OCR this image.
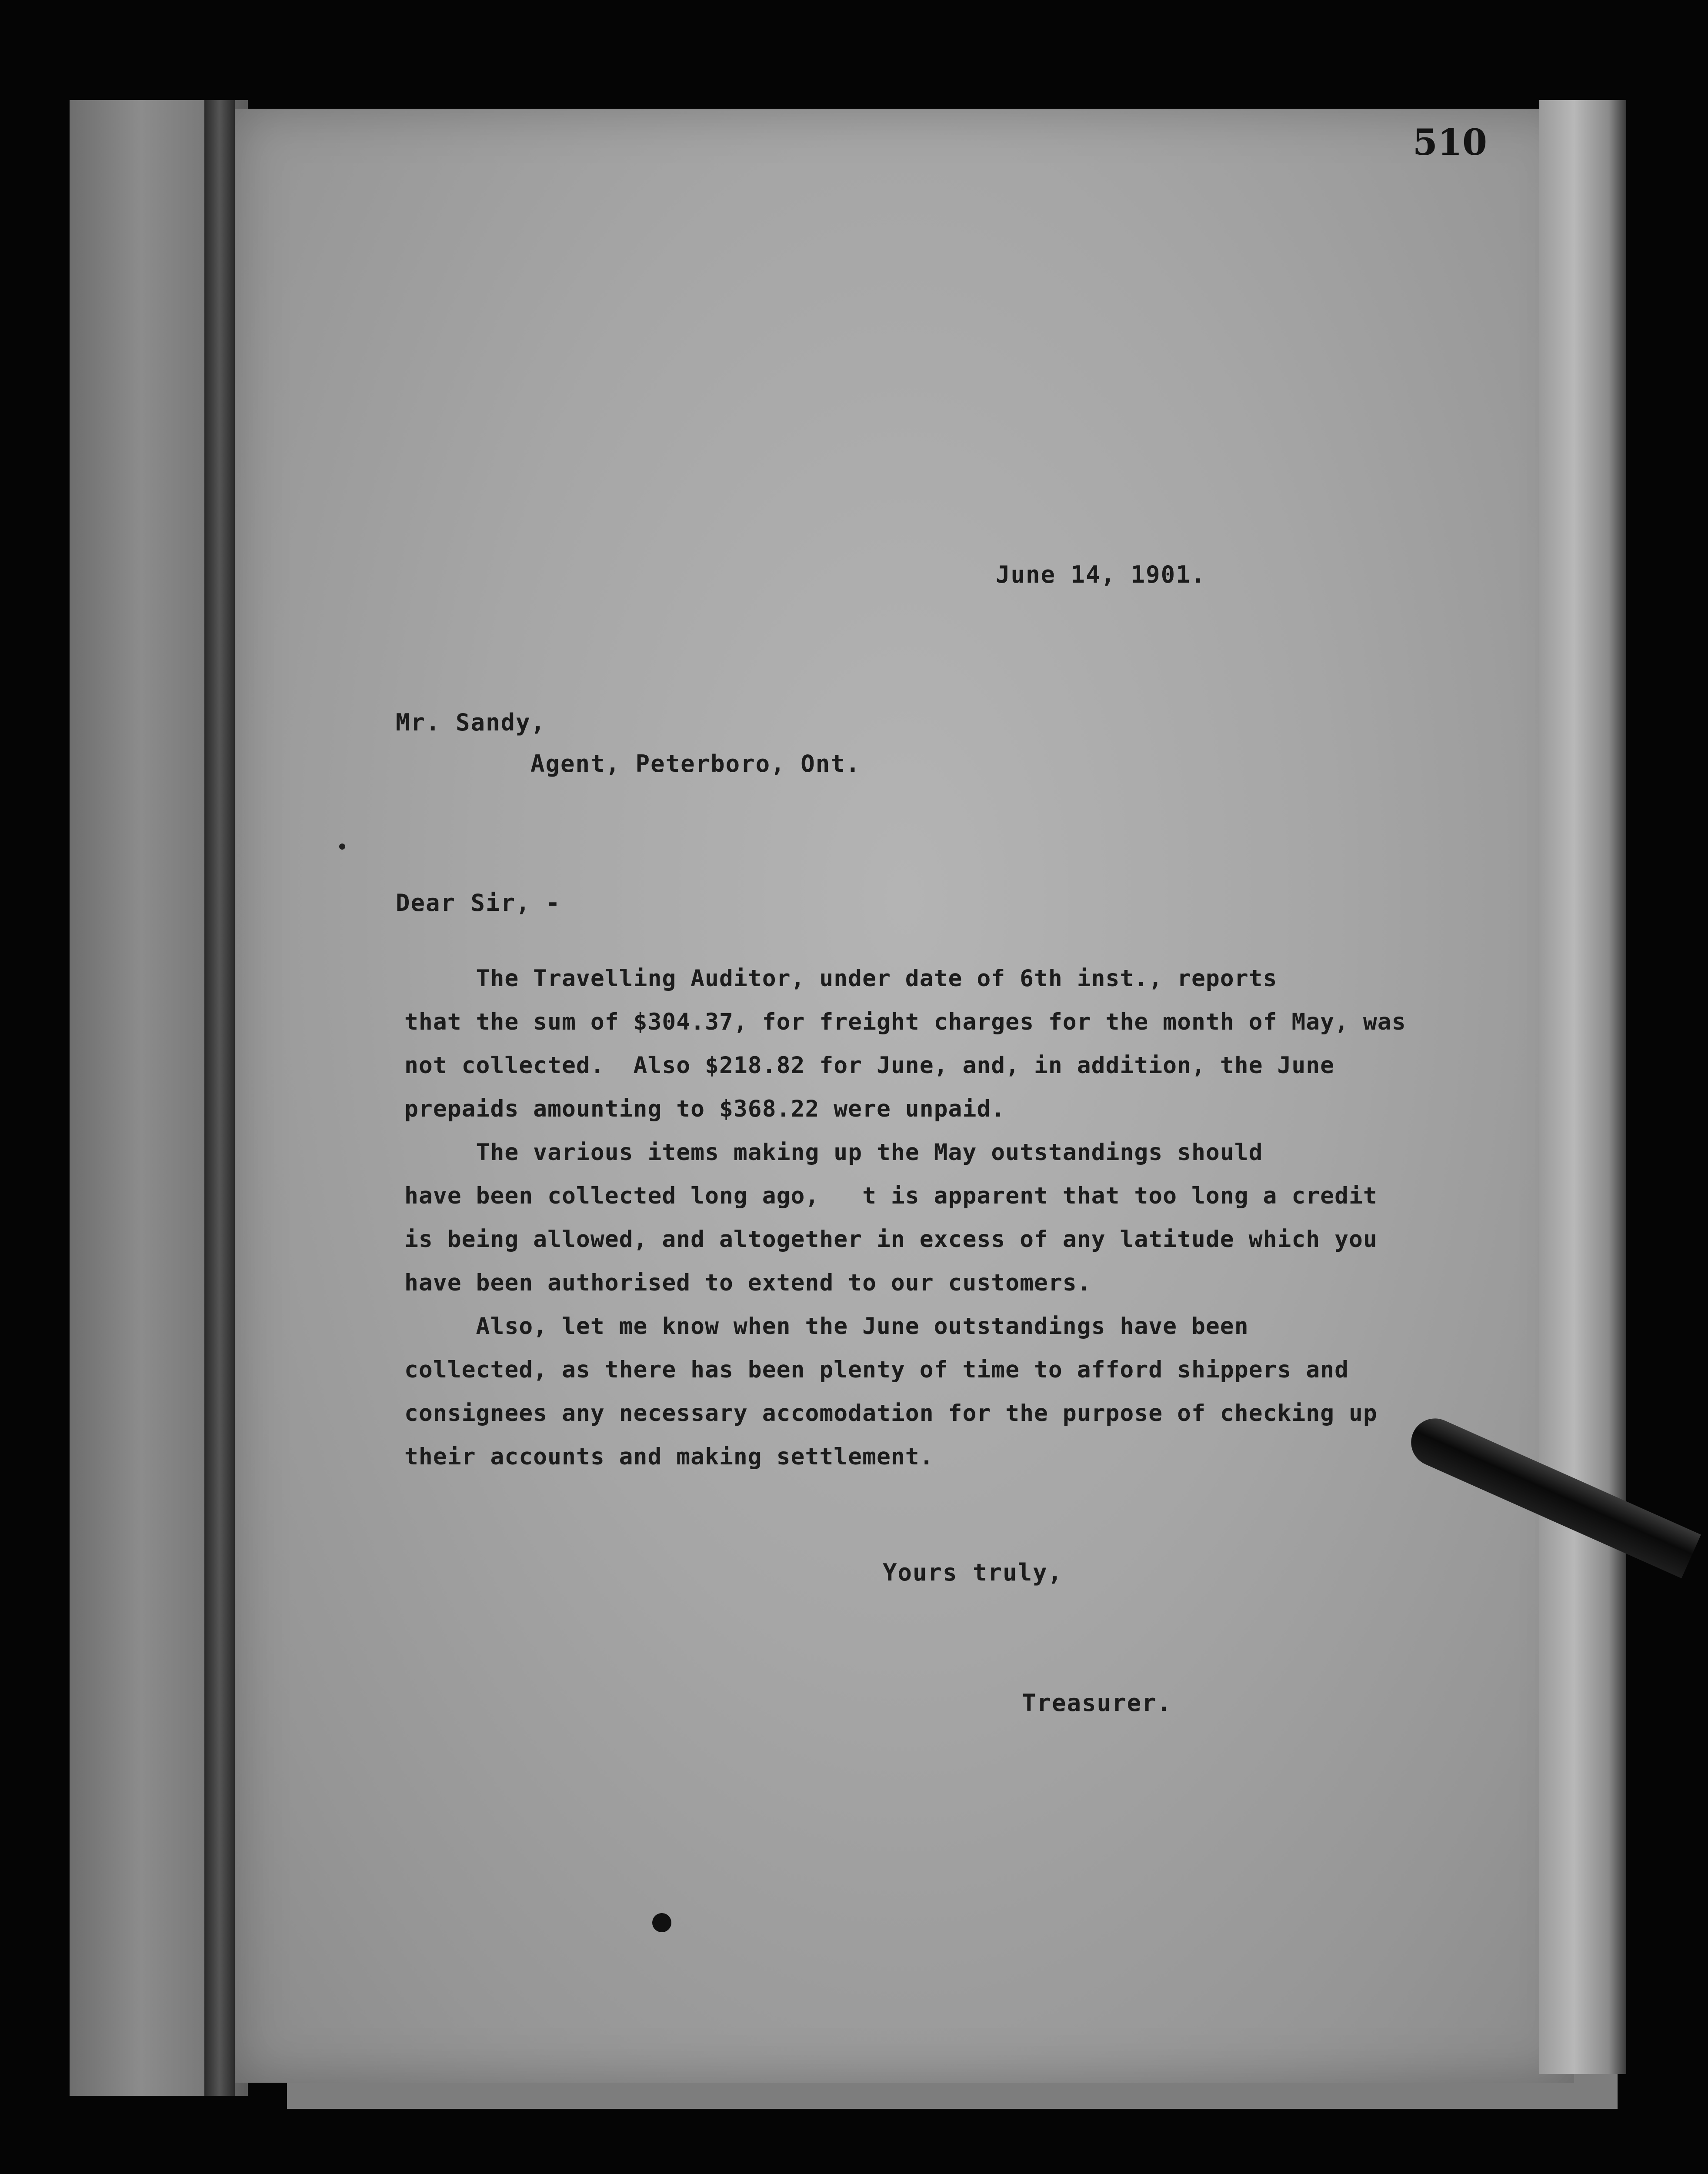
510
June 14, 1901.
Mr. Sandy,
Agent, Peterboro, Ont.
Dear Sir, -
The Travelling Auditor, under date of 6th inst., reports
that the sum of $304.37, for freight charges for the month of May, was
not collected.  Also $218.82 for June, and, in addition, the June
prepaids amounting to $368.22 were unpaid.
The various items making up the May outstandings should
have been collected long ago,   t is apparent that too long a credit
is being allowed, and altogether in excess of any latitude which you
have been authorised to extend to our customers.
Also, let me know when the June outstandings have been
collected, as there has been plenty of time to afford shippers and
consignees any necessary accomodation for the purpose of checking up
their accounts and making settlement.
Yours truly,
Treasurer.
